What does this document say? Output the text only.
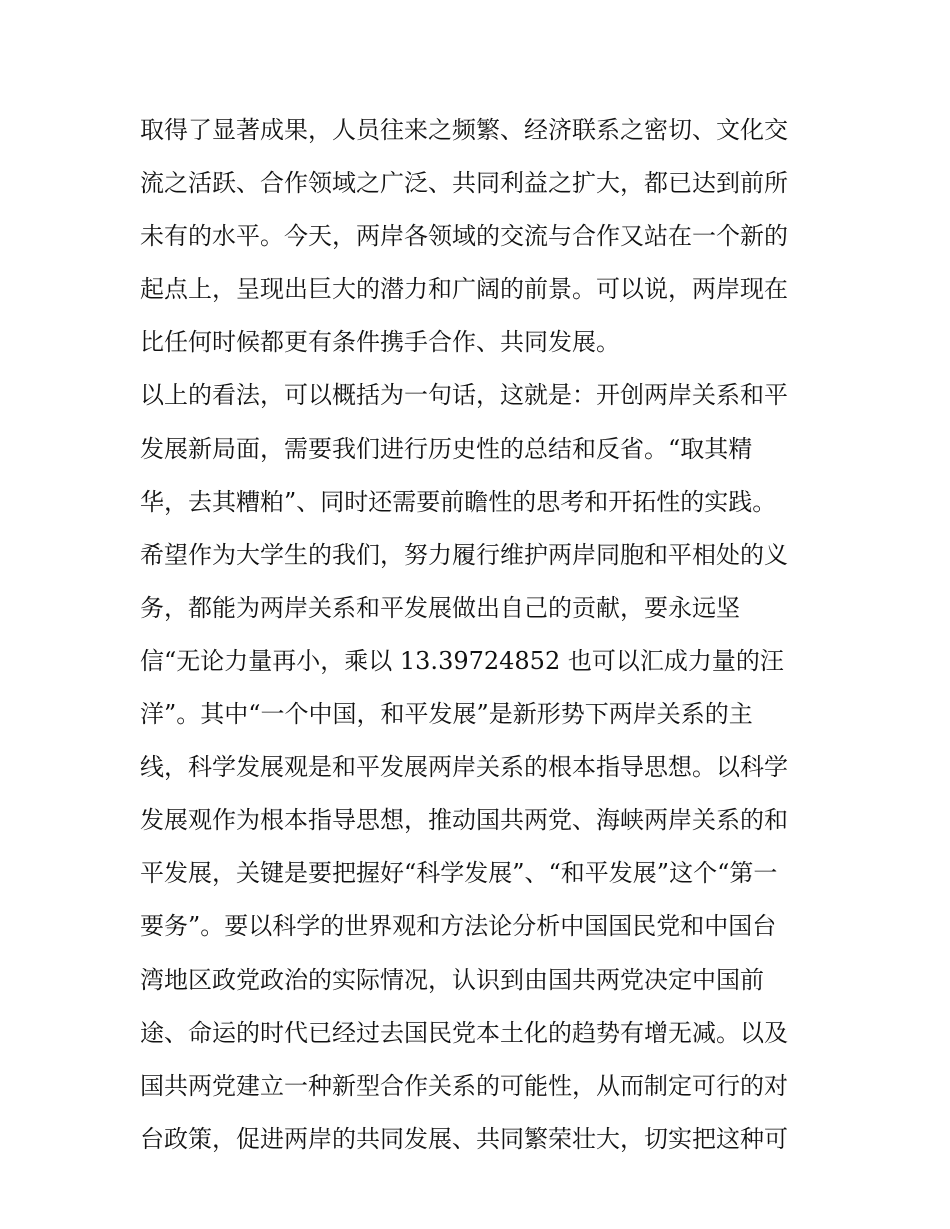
取得了显著成果，人员往来之频繁、经济联系之密切、文化交
流之活跃、合作领域之广泛、共同利益之扩大，都已达到前所
未有的水平。今天，两岸各领域的交流与合作又站在一个新的
起点上，呈现出巨大的潜力和广阔的前景。可以说，两岸现在
比任何时候都更有条件携手合作、共同发展。
以上的看法，可以概括为一句话，这就是：开创两岸关系和平
发展新局面，需要我们进行历史性的总结和反省。“取其精
华，去其糟粕”、同时还需要前瞻性的思考和开拓性的实践。
希望作为大学生的我们，努力履行维护两岸同胞和平相处的义
务，都能为两岸关系和平发展做出自己的贡献，要永远坚
信“无论力量再小，乘以 13.39724852 也可以汇成力量的汪
洋”。其中“一个中国，和平发展”是新形势下两岸关系的主
线，科学发展观是和平发展两岸关系的根本指导思想。以科学
发展观作为根本指导思想，推动国共两党、海峡两岸关系的和
平发展，关键是要把握好“科学发展”、“和平发展”这个“第一
要务”。要以科学的世界观和方法论分析中国国民党和中国台
湾地区政党政治的实际情况，认识到由国共两党决定中国前
途、命运的时代已经过去国民党本土化的趋势有增无减。以及
国共两党建立一种新型合作关系的可能性，从而制定可行的对
台政策，促进两岸的共同发展、共同繁荣壮大，切实把这种可
